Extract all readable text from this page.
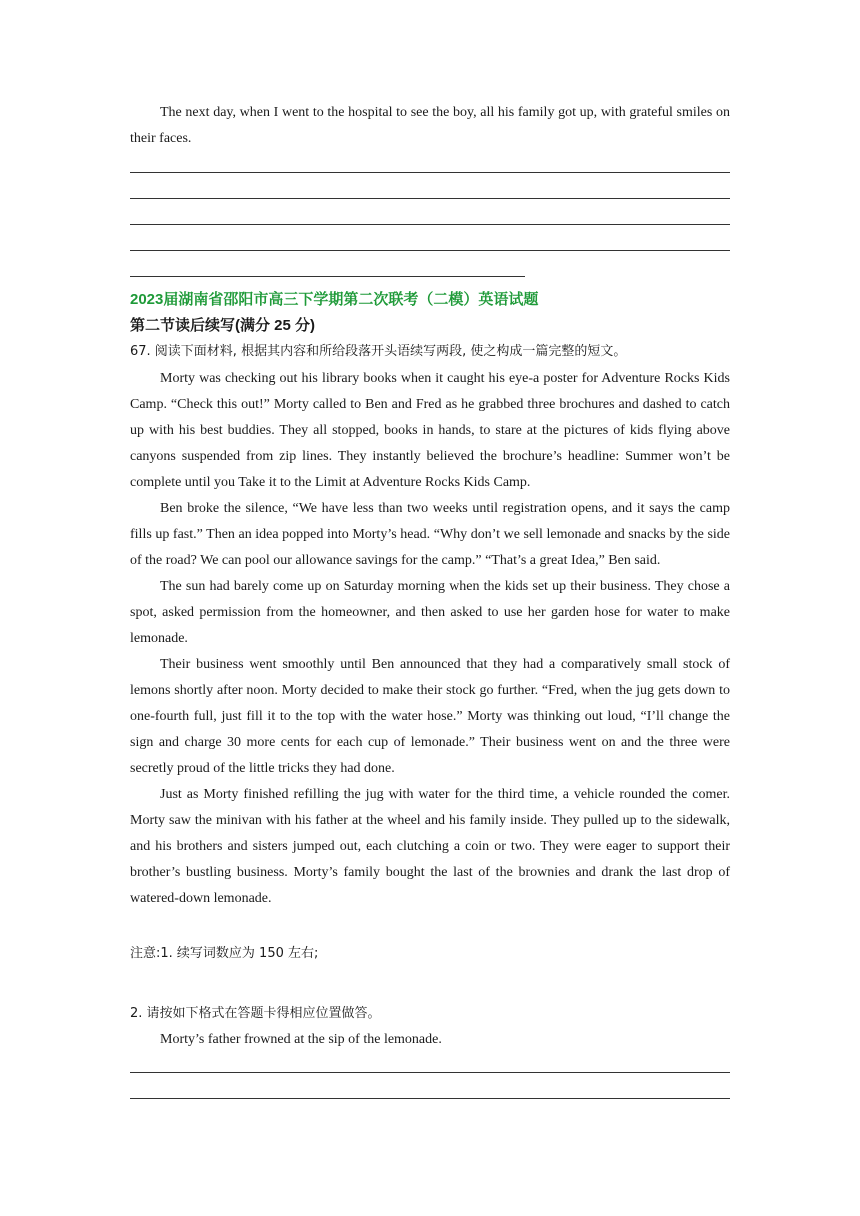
The next day, when I went to the hospital to see the boy, all his family got up, with grateful smiles on their faces.

2023届湖南省邵阳市高三下学期第二次联考（二模）英语试题
第二节读后续写(满分 25 分)

67. 阅读下面材料, 根据其内容和所给段落开头语续写两段, 使之构成一篇完整的短文。

Morty was checking out his library books when it caught his eye-a poster for Adventure Rocks Kids Camp. “Check this out!” Morty called to Ben and Fred as he grabbed three brochures and dashed to catch up with his best buddies. They all stopped, books in hands, to stare at the pictures of kids flying above canyons suspended from zip lines. They instantly believed the brochure’s headline: Summer won’t be complete until you Take it to the Limit at Adventure Rocks Kids Camp.

Ben broke the silence, “We have less than two weeks until registration opens, and it says the camp fills up fast.” Then an idea popped into Morty’s head. “Why don’t we sell lemonade and snacks by the side of the road? We can pool our allowance savings for the camp.” “That’s a great Idea,” Ben said.

The sun had barely come up on Saturday morning when the kids set up their business. They chose a spot, asked permission from the homeowner, and then asked to use her garden hose for water to make lemonade.

Their business went smoothly until Ben announced that they had a comparatively small stock of lemons shortly after noon. Morty decided to make their stock go further. “Fred, when the jug gets down to one-fourth full, just fill it to the top with the water hose.” Morty was thinking out loud, “I’ll change the sign and charge 30 more cents for each cup of lemonade.” Their business went on and the three were secretly proud of the little tricks they had done.

Just as Morty finished refilling the jug with water for the third time, a vehicle rounded the comer. Morty saw the minivan with his father at the wheel and his family inside. They pulled up to the sidewalk, and his brothers and sisters jumped out, each clutching a coin or two. They were eager to support their brother’s bustling business. Morty’s family bought the last of the brownies and drank the last drop of watered-down lemonade.

注意:1. 续写词数应为 150 左右;

2. 请按如下格式在答题卡得相应位置做答。

Morty’s father frowned at the sip of the lemonade.
